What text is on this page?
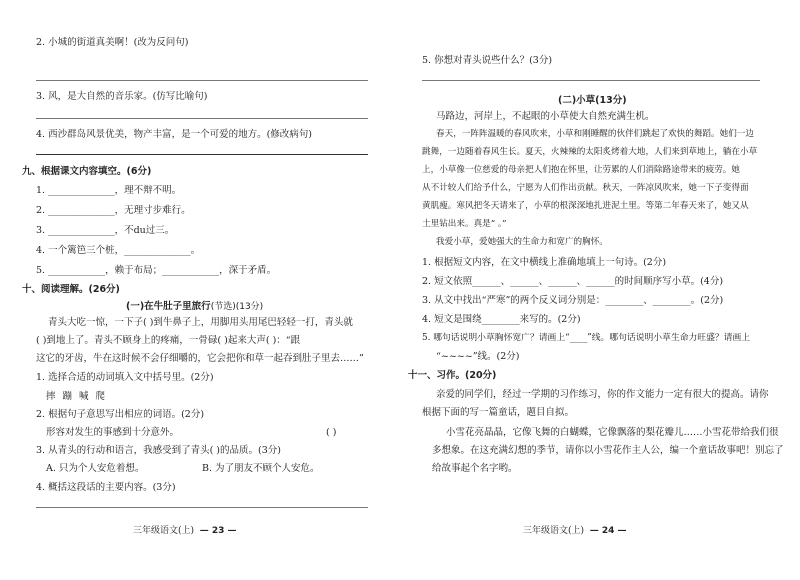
2. 小城的街道真美啊！(改为反问句)
3. 风，是大自然的音乐家。(仿写比喻句)
4. 西沙群岛风景优美，物产丰富，是一个可爱的地方。(修改病句)
九、根据课文内容填空。(6分)
1. ______________，理不辩不明。
2. ______________，无理寸步难行。
3. ______________，不du过三。
4. 一个篱笆三个桩，______________。
5. ____________，赖于布局；____________，深于矛盾。
十、阅读理解。(26分)
(一)在牛肚子里旅行(节选)(13分)
青头大吃一惊，一下子( )到牛鼻子上，用脚用头用尾巴轻轻一打，青头就
( )到地上了。青头不顾身上的疼痛，一骨碌( )起来大声( )：“跟
这它的牙齿，牛在这时候不会仔细嚼的，它会把你和草一起吞到肚子里去……”
1. 选择合适的动词填入文中括号里。(2分)
摔 蹦 喊 爬
2. 根据句子意思写出相应的词语。(2分)
形容对发生的事感到十分意外。	( )
3. 从青头的行动和语言，我感受到了青头( )的品质。(3分)
A. 只为个人安危着想。	B. 为了朋友不顾个人安危。
4. 概括这段话的主要内容。(3分)
三年级语文(上) — 23 —
5. 你想对青头说些什么？(3分)
(二)小草(13分)
马路边，河岸上，不起眼的小草使大自然充满生机。
春天，一阵阵温暖的春风吹来，小草和刚睡醒的伙伴们跳起了欢快的舞蹈。她们一边
跳舞，一边随着春风生长。夏天，火辣辣的太阳炙烤着大地，人们来到草地上，躺在小草
上，小草像一位慈爱的母亲把人们抱在怀里，让劳累的人们消除路途带来的疲劳。她
从不计较人们给予什么，宁愿为人们作出贡献。秋天，一阵凉风吹来，她一下子变得面
黄肌瘦。寒风把冬天请来了，小草的根深深地扎进泥土里。等第二年春天来了，她又从
土里钻出来。真是“ 。”
我爱小草，爱她强大的生命力和宽广的胸怀。
1. 根据短文内容，在文中横线上准确地填上一句诗。(2分)
2. 短文依照______、______、______、______的时间顺序写小草。(4分)
3. 从文中找出“严寒”的两个反义词分别是：________、________。(2分)
4. 短文是围绕________来写的。(2分)
5. 哪句话说明小草胸怀宽广？请画上“____”线。哪句话说明小草生命力旺盛？请画上
“~~~~”线。(2分)
十一、习作。(20分)
亲爱的同学们，经过一学期的习作练习，你的作文能力一定有很大的提高。请你
根据下面的写一篇童话，题目自拟。
小雪花亮晶晶，它像飞舞的白蝴蝶，它像飘落的梨花瓣儿……小雪花带给我们很
多想象。在这充满幻想的季节，请你以小雪花作主人公，编一个童话故事吧！别忘了
给故事起个名字哟。
三年级语文(上) — 24 —
